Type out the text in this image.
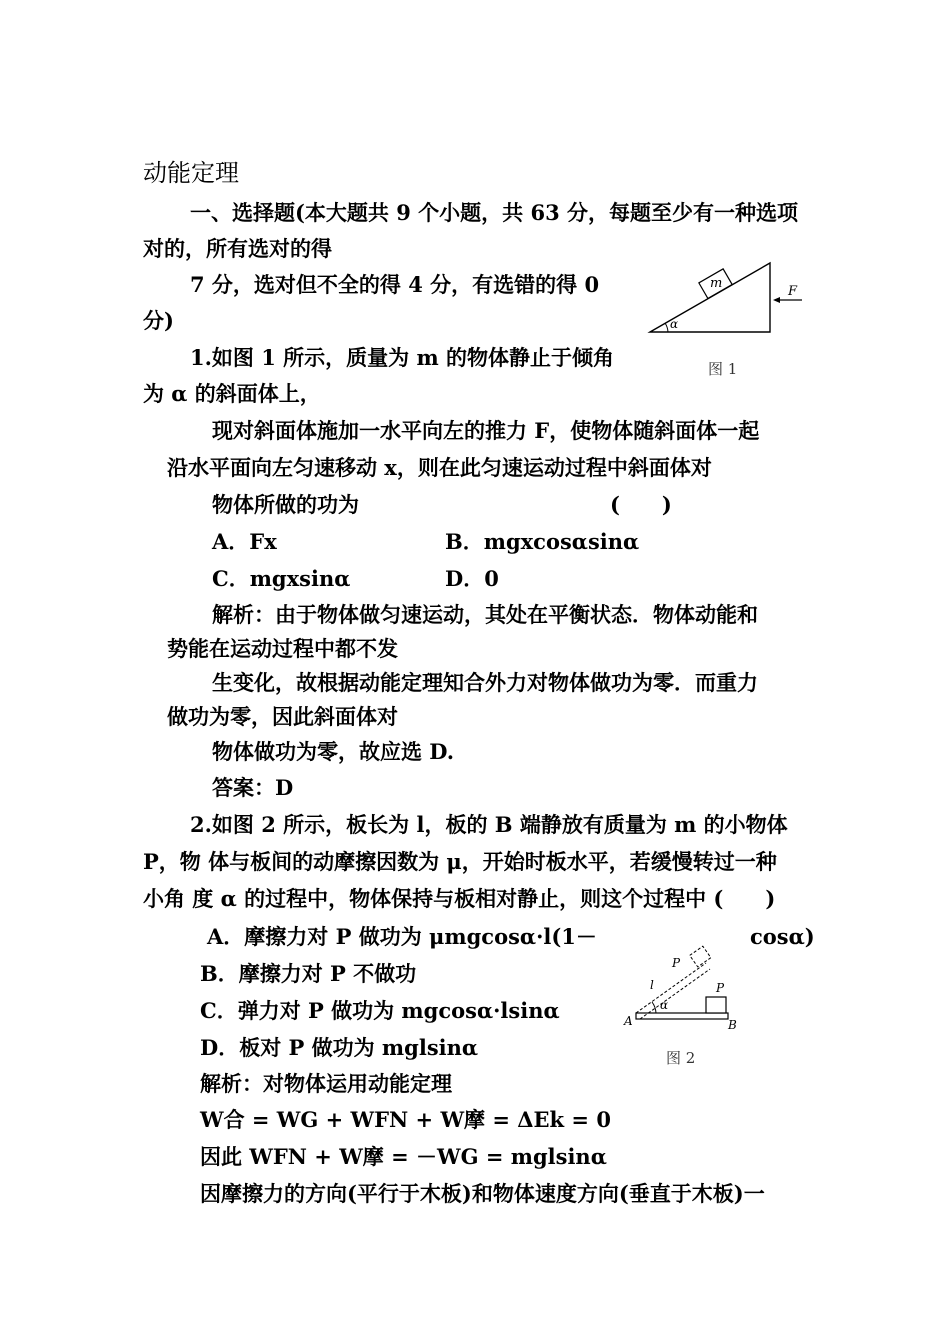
动能定理
一、选择题(本大题共 9 个小题，共 63 分，每题至少有一种选项
对的，所有选对的得
7 分，选对但不全的得 4 分，有选错的得 0
分)
1.如图 1 所示，质量为 m 的物体静止于倾角
为 α 的斜面体上，
现对斜面体施加一水平向左的推力 F，使物体随斜面体一起
沿水平面向左匀速移动 x，则在此匀速运动过程中斜面体对
物体所做的功为	(　　)
A．Fx	B．mgxcosαsinα
C．mgxsinα	D．0
解析：由于物体做匀速运动，其处在平衡状态．物体动能和
势能在运动过程中都不发
生变化，故根据动能定理知合外力对物体做功为零．而重力
做功为零，因此斜面体对
物体做功为零，故应选 D.
答案：D
2.如图 2 所示，板长为 l，板的 B 端静放有质量为 m 的小物体
P，物 体与板间的动摩擦因数为 μ，开始时板水平，若缓慢转过一种
小角 度 α 的过程中，物体保持与板相对静止，则这个过程中 (　　)
A．摩擦力对 P 做功为 μmgcosα·l(1－	cosα)
B．摩擦力对 P 不做功
C．弹力对 P 做功为 mgcosα·lsinα
D．板对 P 做功为 mglsinα
解析：对物体运用动能定理
W合 = WG + WFN + W摩 = ΔEk = 0
因此 WFN + W摩 = －WG = mglsinα
因摩擦力的方向(平行于木板)和物体速度方向(垂直于木板)一
m
F
α
图 1
P
P
l
α
A	B
图 2
